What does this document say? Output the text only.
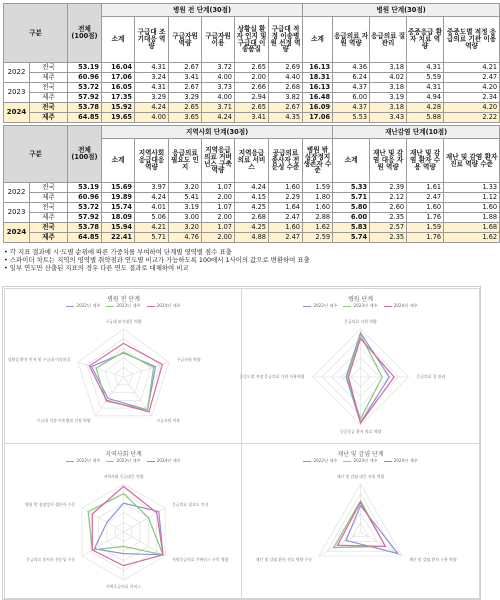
구분		전체
(100점)	병원 전 단계(30점)						병원 단계(30점)				
			소계	구급대 조기대응 역량	구급자원 역량	구급자원 이용	상황실 환자 인지 및 구급대 이송품질	구급대 적정 이송병원 선정 역량	소계	응급의료 자원 역량	응급의료 질 관리	중증응급 환자 치료 역량	중증도별 적정 응급의료 기관 이용역량
2022	전국	53.19	16.04	4.31	2.67	3.72	2.65	2.69	16.13	4.36	3.18	4.31	4.21
	제주	60.96	17.06	3.24	3.41	4.00	2.00	4.40	18.31	6.24	4.02	5.59	2.47
2023	전국	53.72	16.05	4.31	2.67	3.73	2.66	2.68	16.13	4.37	3.18	4.31	4.20
	제주	57.92	17.35	3.29	3.29	4.00	2.94	3.82	16.48	6.00	3.19	4.94	2.34
2024	전국	53.78	15.92	4.24	2.65	3.71	2.65	2.67	16.09	4.37	3.18	4.28	4.20
	제주	64.85	19.65	4.00	3.65	4.24	3.41	4.35	17.06	5.53	3.43	5.88	2.22
구분		전체
(100점)	지역사회 단계(30점)							재난감염 단계(10점)			
			소계	지역사회 응급대응 역량	응급의료 필요도 인지	지역응급 의료 거버넌스 구축 역량	지역응급 의료 서비스	공급의료 종사자 전문성 수준	병원 밖 심장정지 생존자 수준	소계	재난 및 감염 대응 자원 역량	재난 및 감염 환자 수용 역량	재난 및 감염 환자 진료 역량 수준
2022	전국	53.19	15.69	3.97	3.20	1.07	4.24	1.60	1.59	5.33	2.39	1.61	1.33
	제주	60.96	19.89	4.24	5.41	2.00	4.15	2.29	1.80	5.71	2.12	2.47	1.12
2023	전국	53.72	15.74	4.01	3.19	1.07	4.25	1.64	1.60	5.80	2.60	1.60	1.60
	제주	57.92	18.09	5.06	3.00	2.00	2.68	2.47	2.88	6.00	2.35	1.76	1.88
2024	전국	53.78	15.94	4.21	3.20	1.07	4.25	1.60	1.62	5.83	2.57	1.59	1.68
	제주	64.85	22.41	5.71	4.76	2.00	4.88	2.47	2.59	5.74	2.35	1.76	1.62
• 각 지표 결과에 시·도별 순위에 따른 가중치를 부여하여 단계별 영역별 점수 표출
• 스파이더 차트는 지역의 영역별 취약점과 연도별 비교가 가능하도록 100에서 1사이의 값으로 변환하여 표출
• 일부 연도만 산출된 지표의 경우 다른 연도 결과로 대체하여 비교
병원 전 단계
2022년 제주	2023년 제주	2024년 제주
구급대 조기대응 역량
구급자원 역량
구급자원 이용
구급대 적정 이송병원 선정 역량
상황실 환자 인지 및 구급대 이송품질
병원 단계
2022년 제주	2023년 제주	2024년 제주
응급의료 자원 역량
응급의료 질 관리
중증응급 환자 치료 역량
중증도별 적정 응급의료 기관 이용역량
지역사회 단계
2022년 제주	2023년 제주	2024년 제주
지역사회 응급대응 역량
응급의료 필요도 인지
지역응급의료 거버넌스 구축 역량
지역응급의료 서비스
응급의료 종사자 전문성 수준
병원 밖 심장정지 생존자 수준
재난 및 감염 단계
2022년 제주	2023년 제주	2024년 제주
재난 및 감염 대응 자원 역량
재난 및 감염 환자 수용 역량
재난 및 감염 환자 진료 역량 수준
